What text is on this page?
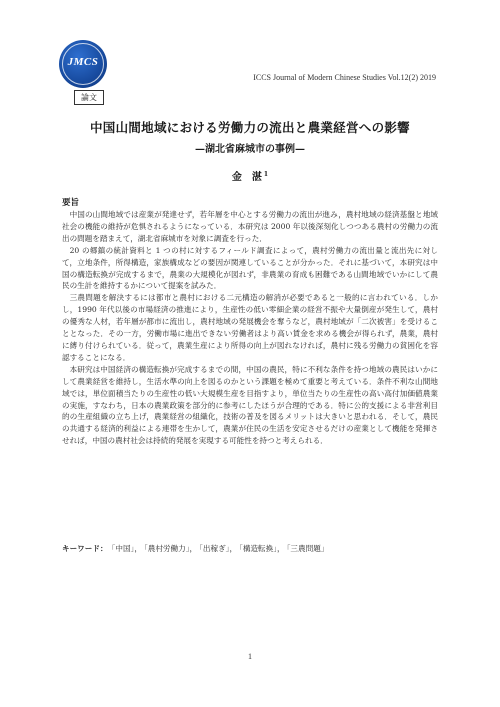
JMCS
ICCS Journal of Modern Chinese Studies Vol.12(2) 2019
論文
中国山間地域における労働力の流出と農業経営への影響
—湖北省麻城市の事例—
金　湛 $^1$
要旨

中国の山間地域では産業が発達せず，若年層を中心とする労働力の流出が進み，農村地域の経済基盤と地域社会の機能の維持が危惧されるようになっている．本研究は 2000 年以後深刻化しつつある農村の労働力の流出の問題を踏まえて，湖北省麻城市を対象に調査を行った．

20 の郷鎮の統計資料と 1 つの村に対するフィールド調査によって，農村労働力の流出量と流出先に対して，立地条件，所得構造，家族構成などの要因が関連していることが分かった．それに基づいて，本研究は中国の構造転換が完成するまで，農業の大規模化が図れず，非農業の育成も困難である山間地域でいかにして農民の生計を維持するかについて提案を試みた．

三農問題を解決するには都市と農村における二元構造の解消が必要であると一般的に言われている．しかし，1990 年代以後の市場経済の推進により，生産性の低い零細企業の経営不振や大量倒産が発生して，農村の優秀な人材，若年層が都市に流出し，農村地域の発展機会を奪うなど，農村地域が「二次被害」を受けることとなった．その一方，労働市場に進出できない労働者はより高い賃金を求める機会が得られず，農業，農村に縛り付けられている．従って，農業生産により所得の向上が図れなければ，農村に残る労働力の貧困化を容認することになる．

本研究は中国経済の構造転換が完成するまでの間，中国の農民，特に不利な条件を持つ地域の農民はいかにして農業経営を維持し，生活水準の向上を図るのかという課題を極めて重要と考えている．条件不利な山間地域では，単位面積当たりの生産性の低い大規模生産を目指すより，単位当たりの生産性の高い高付加価値農業の実施，すなわち，日本の農業政策を部分的に参考にしたほうが合理的である．特に公的支援による非営利目的の生産組織の立ち上げ，農業経営の組織化，技術の普及を図るメリットは大きいと思われる．そして，農民の共通する経済的利益による連帯を生かして，農業が住民の生活を安定させるだけの産業として機能を発揮させれば，中国の農村社会は持続的発展を実現する可能性を持つと考えられる．

キーワード： 「中国」， 「農村労働力」， 「出稼ぎ」， 「構造転換」， 「三農問題」
1
